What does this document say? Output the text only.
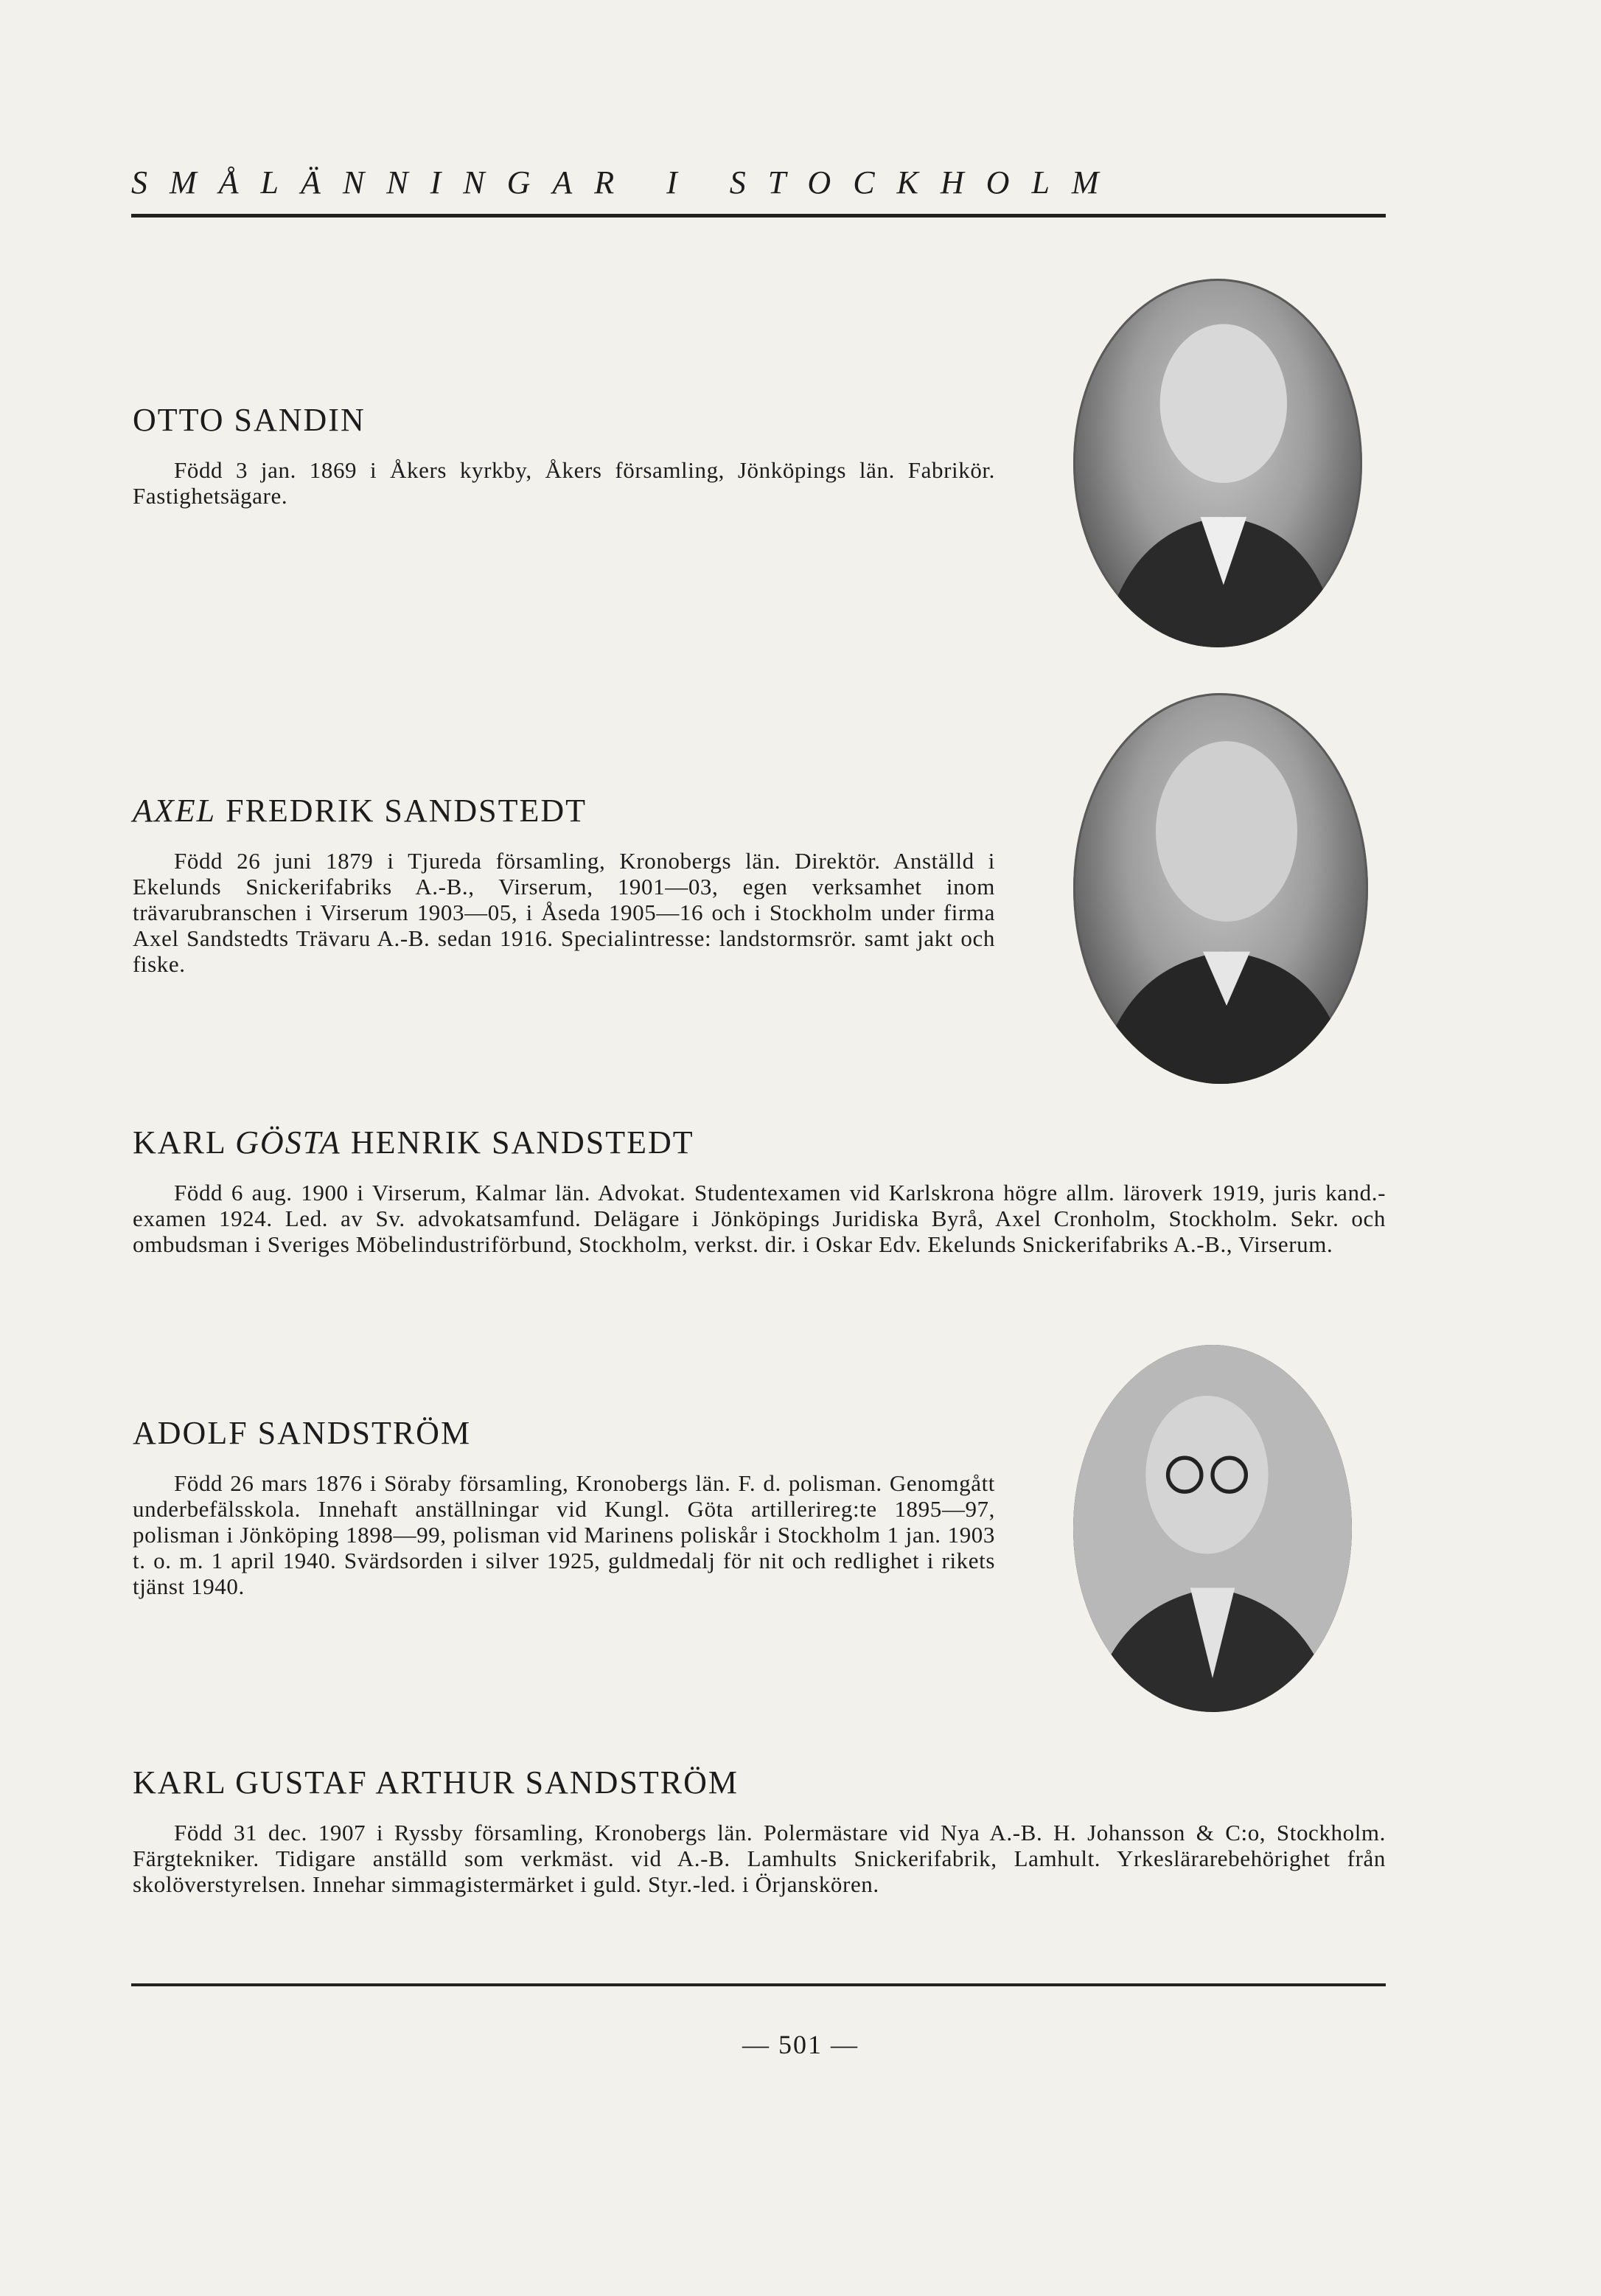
SMÅLÄNNINGAR I STOCKHOLM
OTTO SANDIN
Född 3 jan. 1869 i Åkers kyrkby, Åkers församling, Jönköpings län. Fabrikör. Fastighetsägare.
AXEL FREDRIK SANDSTEDT
Född 26 juni 1879 i Tjureda församling, Kronobergs län. Direktör. Anställd i Ekelunds Snickerifabriks A.-B., Virserum, 1901—03, egen verksamhet inom trävarubranschen i Virserum 1903—05, i Åseda 1905—16 och i Stockholm under firma Axel Sandstedts Trävaru A.-B. sedan 1916. Specialintresse: landstormsrör. samt jakt och fiske.
KARL GÖSTA HENRIK SANDSTEDT
Född 6 aug. 1900 i Virserum, Kalmar län. Advokat. Studentexamen vid Karlskrona högre allm. läroverk 1919, juris kand.-examen 1924. Led. av Sv. advokatsamfund. Delägare i Jönköpings Juridiska Byrå, Axel Cronholm, Stockholm. Sekr. och ombudsman i Sveriges Möbelindustriförbund, Stockholm, verkst. dir. i Oskar Edv. Ekelunds Snickerifabriks A.-B., Virserum.
ADOLF SANDSTRÖM
Född 26 mars 1876 i Söraby församling, Kronobergs län. F. d. polisman. Genomgått underbefälsskola. Innehaft anställningar vid Kungl. Göta artillerireg:te 1895—97, polisman i Jönköping 1898—99, polisman vid Marinens poliskår i Stockholm 1 jan. 1903 t. o. m. 1 april 1940. Svärdsorden i silver 1925, guldmedalj för nit och redlighet i rikets tjänst 1940.
KARL GUSTAF ARTHUR SANDSTRÖM
Född 31 dec. 1907 i Ryssby församling, Kronobergs län. Polermästare vid Nya A.-B. H. Johansson & C:o, Stockholm. Färgtekniker. Tidigare anställd som verkmäst. vid A.-B. Lamhults Snickerifabrik, Lamhult. Yrkeslärarebehörighet från skolöverstyrelsen. Innehar simmagistermärket i guld. Styr.-led. i Örjanskören.
— 501 —
